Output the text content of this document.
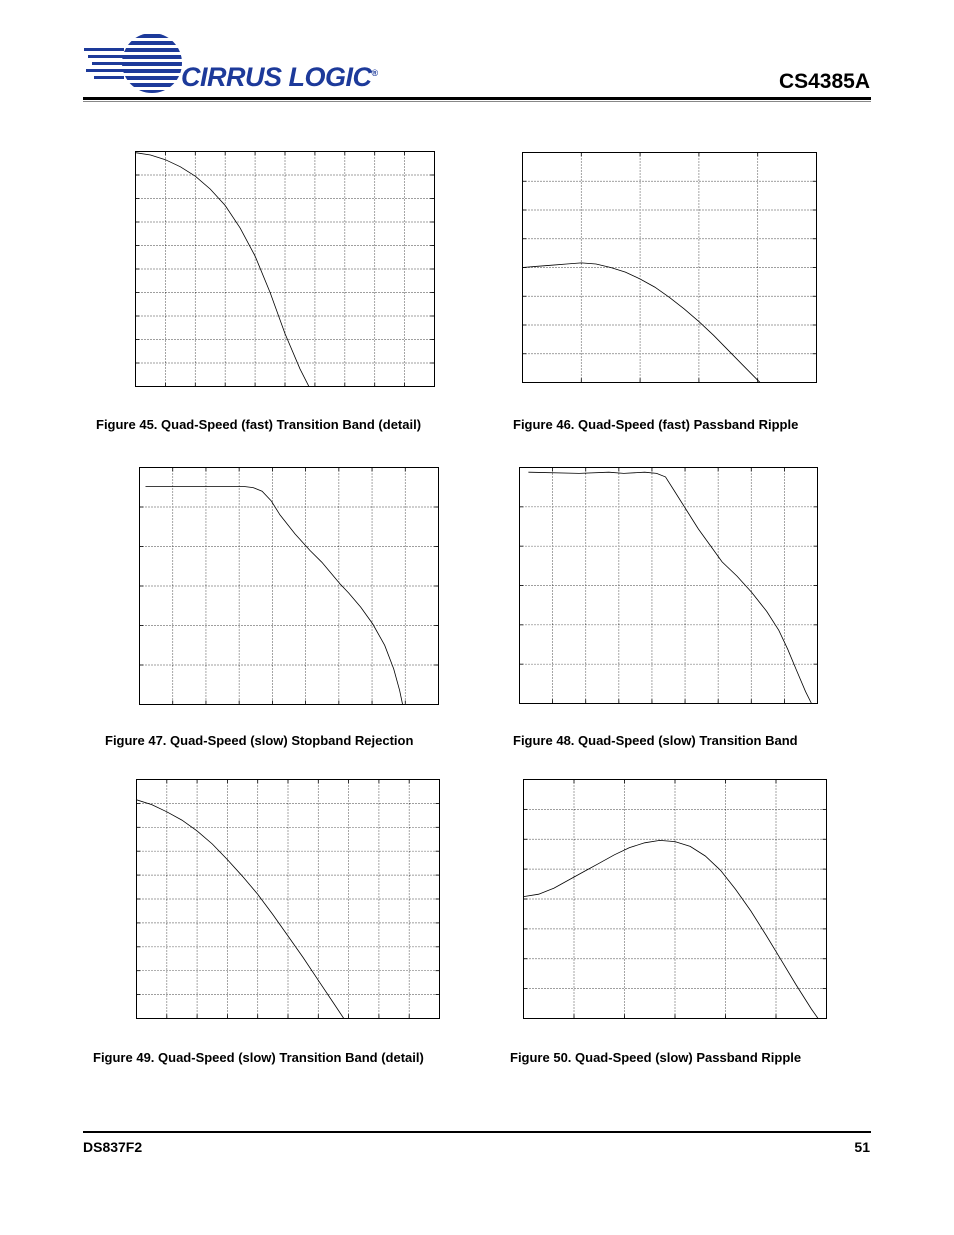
CIRRUS LOGIC®	CS4385A
Figure 45. Quad-Speed (fast) Transition Band (detail)	Figure 46. Quad-Speed (fast) Passband Ripple
Figure 47. Quad-Speed (slow) Stopband Rejection	Figure 48. Quad-Speed (slow) Transition Band
Figure 49. Quad-Speed (slow) Transition Band (detail)	Figure 50. Quad-Speed (slow) Passband Ripple
DS837F2	51
